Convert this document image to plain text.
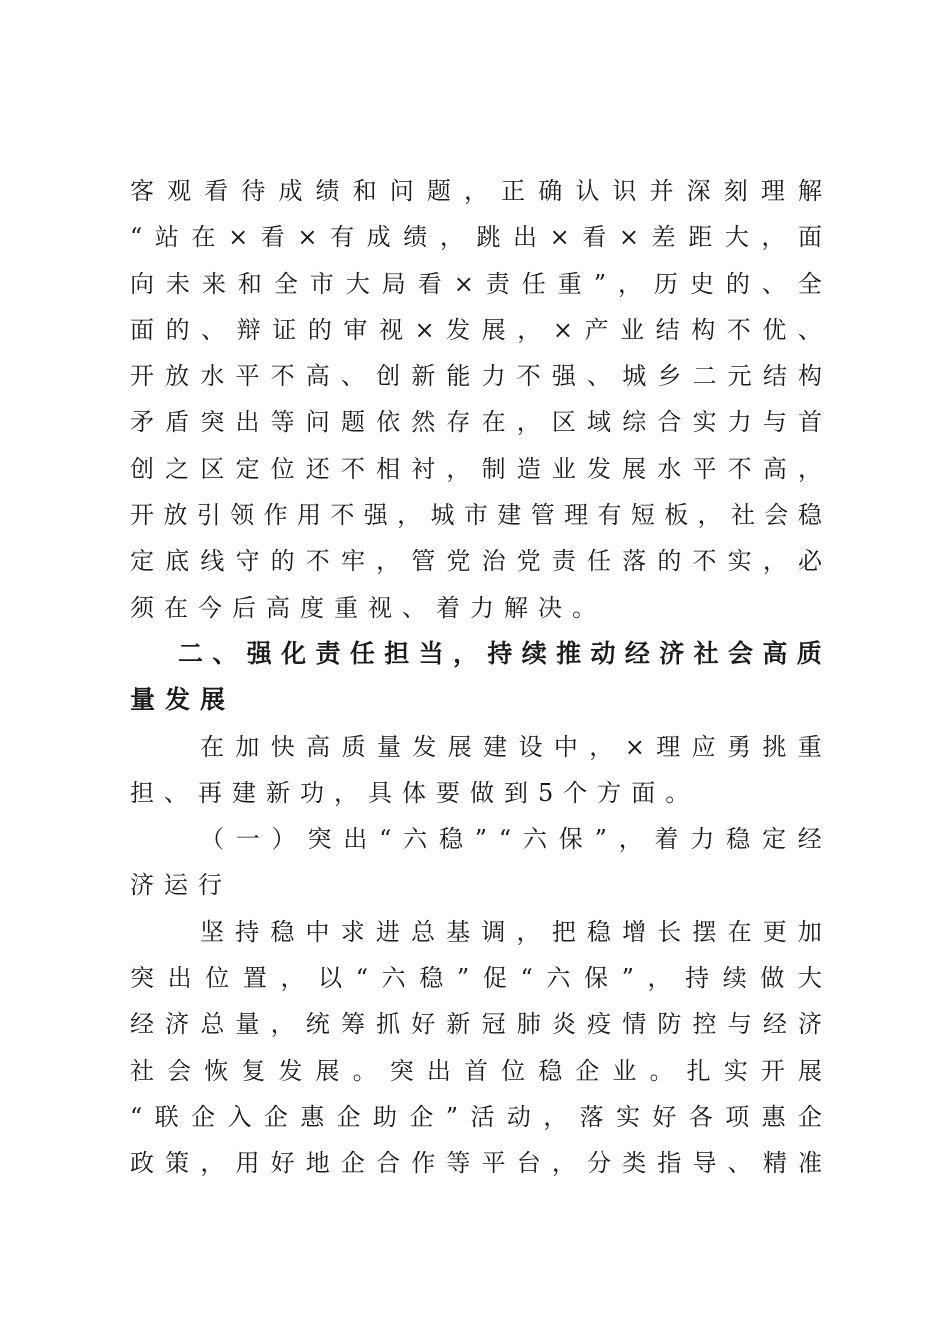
客 观 看 待 成 绩 和 问 题 ， 正 确 认 识 并 深 刻 理 解
“ 站 在 × 看 × 有 成 绩 ， 跳 出 × 看 × 差 距 大 ， 面
向 未 来 和 全 市 大 局 看 × 责 任 重 ” ， 历 史 的 、 全
面 的 、 辩 证 的 审 视 × 发 展 ， × 产 业 结 构 不 优 、
开 放 水 平 不 高 、 创 新 能 力 不 强 、 城 乡 二 元 结 构
矛 盾 突 出 等 问 题 依 然 存 在 ， 区 域 综 合 实 力 与 首
创 之 区 定 位 还 不 相 衬 ， 制 造 业 发 展 水 平 不 高 ，
开 放 引 领 作 用 不 强 ， 城 市 建 管 理 有 短 板 ， 社 会 稳
定 底 线 守 的 不 牢 ， 管 党 治 党 责 任 落 的 不 实 ， 必
须在今后高度重视、着力解决。
二 、 强 化 责 任 担 当 ， 持 续 推 动 经 济 社 会 高 质
量发展
在 加 快 高 质 量 发 展 建 设 中 ， × 理 应 勇 挑 重
担、再建新功，具体要做到5个方面。
（ 一 ） 突 出 “ 六 稳 ” “ 六 保 ” ， 着 力 稳 定 经
济运行
坚 持 稳 中 求 进 总 基 调 ， 把 稳 增 长 摆 在 更 加
突 出 位 置 ， 以 “ 六 稳 ” 促 “ 六 保 ” ， 持 续 做 大
经 济 总 量 ， 统 筹 抓 好 新 冠 肺 炎 疫 情 防 控 与 经 济
社 会 恢 复 发 展 。 突 出 首 位 稳 企 业 。 扎 实 开 展
“ 联 企 入 企 惠 企 助 企 ” 活 动 ， 落 实 好 各 项 惠 企
政 策 ， 用 好 地 企 合 作 等 平 台 ， 分 类 指 导 、 精 准
